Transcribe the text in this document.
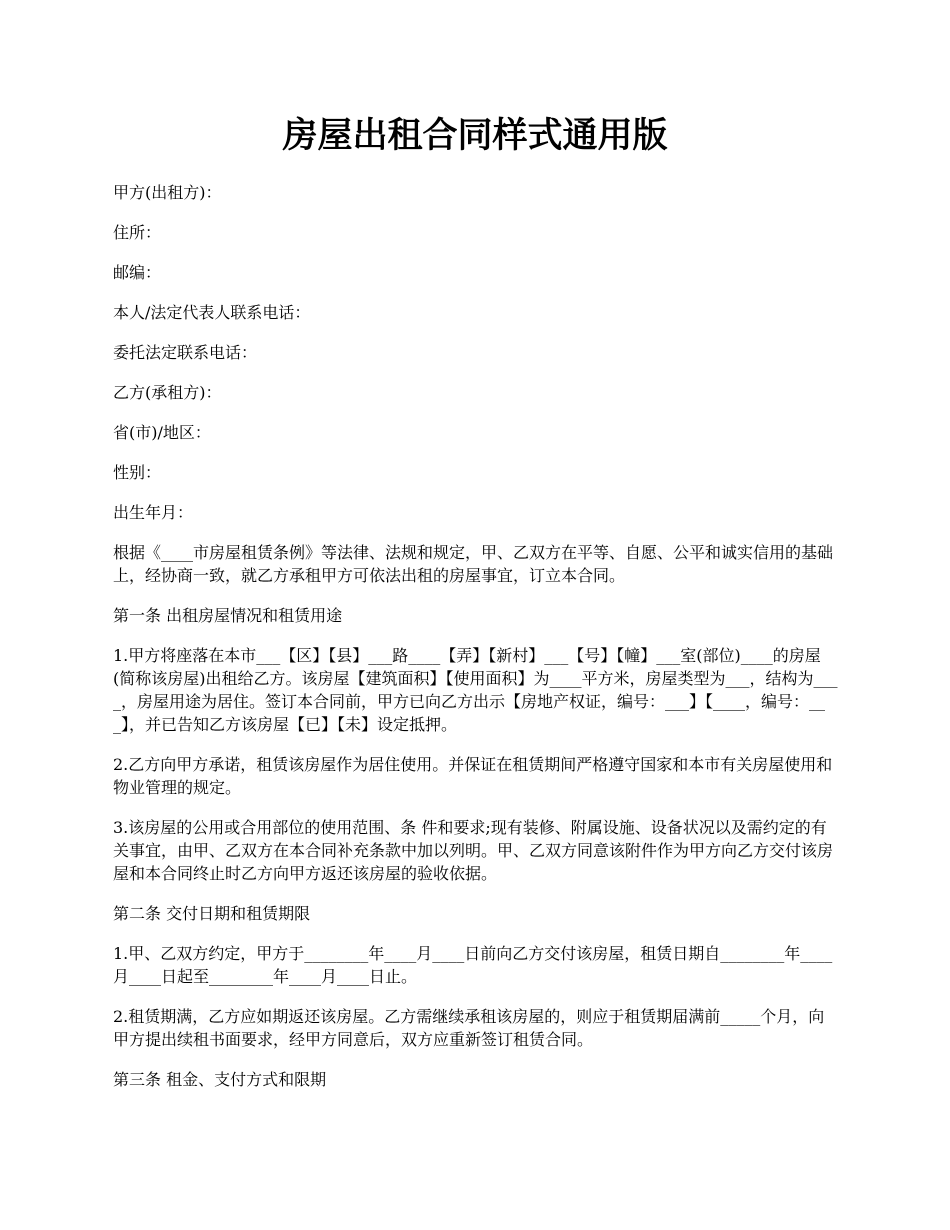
房屋出租合同样式通用版

甲方(出租方)：

住所：

邮编：

本人/法定代表人联系电话：

委托法定联系电话：

乙方(承租方)：

省(市)/地区：

性别：

出生年月：

根据《____市房屋租赁条例》等法律、法规和规定，甲、乙双方在平等、自愿、公平和诚实信用的基础上，经协商一致，就乙方承租甲方可依法出租的房屋事宜，订立本合同。

第一条 出租房屋情况和租赁用途

1.甲方将座落在本市___【区】【县】___路____【弄】【新村】___【号】【幢】___室(部位)____的房屋(简称该房屋)出租给乙方。该房屋【建筑面积】【使用面积】为____平方米，房屋类型为___，结构为____，房屋用途为居住。签订本合同前，甲方已向乙方出示【房地产权证，编号：___】【____，编号：___】，并已告知乙方该房屋【已】【未】设定抵押。

2.乙方向甲方承诺，租赁该房屋作为居住使用。并保证在租赁期间严格遵守国家和本市有关房屋使用和物业管理的规定。

3.该房屋的公用或合用部位的使用范围、条 件和要求;现有装修、附属设施、设备状况以及需约定的有关事宜，由甲、乙双方在本合同补充条款中加以列明。甲、乙双方同意该附件作为甲方向乙方交付该房屋和本合同终止时乙方向甲方返还该房屋的验收依据。

第二条 交付日期和租赁期限

1.甲、乙双方约定，甲方于________年____月____日前向乙方交付该房屋，租赁日期自________年____月____日起至________年____月____日止。

2.租赁期满，乙方应如期返还该房屋。乙方需继续承租该房屋的，则应于租赁期届满前_____个月，向甲方提出续租书面要求，经甲方同意后，双方应重新签订租赁合同。

第三条 租金、支付方式和限期
